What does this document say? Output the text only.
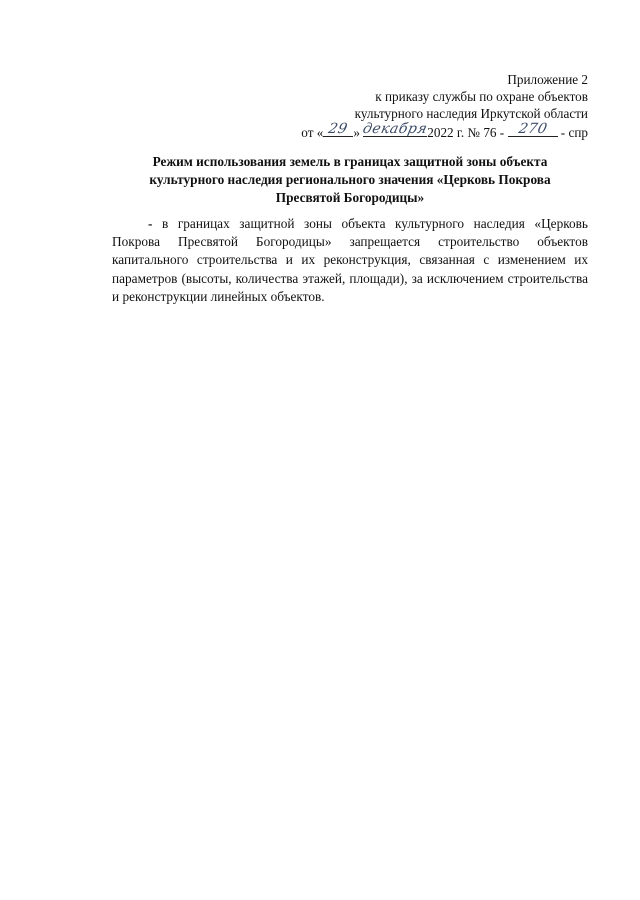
Приложение 2
к приказу службы по охране объектов
культурного наследия Иркутской области
от « 29 » декабря
2022 г. № 76 - 270 - спр
Режим использования земель в границах защитной зоны объекта
культурного наследия регионального значения «Церковь Покрова
Пресвятой Богородицы»
- в границах защитной зоны объекта культурного наследия «Церковь Покрова Пресвятой Богородицы» запрещается строительство объектов капитального строительства и их реконструкция, связанная с изменением их параметров (высоты, количества этажей, площади), за исключением строительства и реконструкции линейных объектов.
